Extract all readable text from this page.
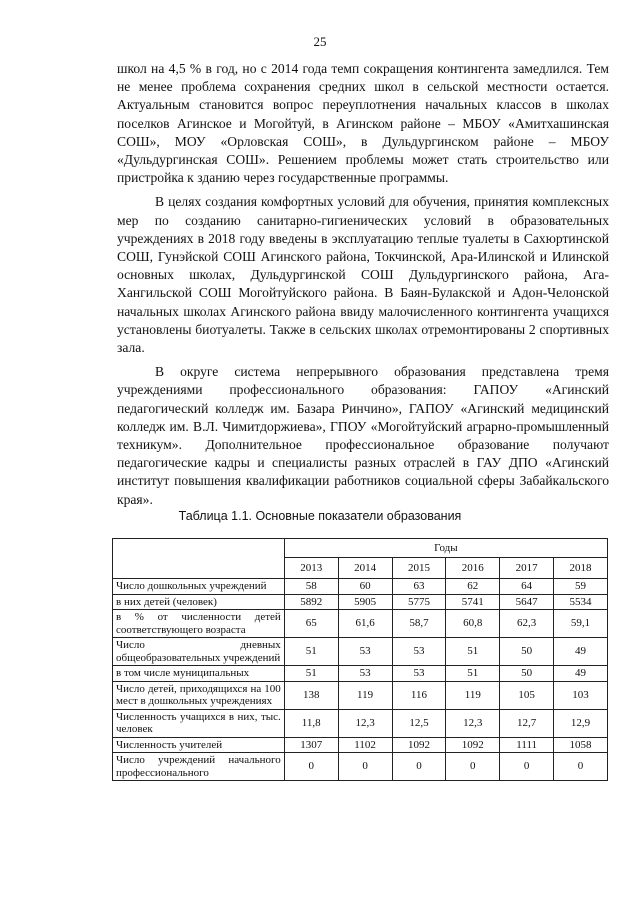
25

школ на 4,5 % в год, но с 2014 года темп сокращения контингента замедлился. Тем не менее проблема сохранения средних школ в сельской местности остается. Актуальным становится вопрос переуплотнения начальных классов в школах поселков Агинское и Могойтуй, в Агинском районе – МБОУ «Амитхашинская СОШ», МОУ «Орловская СОШ», в Дульдургинском районе – МБОУ «Дульдургинская СОШ». Решением проблемы может стать строительство или пристройка к зданию через государственные программы.

В целях создания комфортных условий для обучения, принятия комплексных мер по созданию санитарно-гигиенических условий в образовательных учреждениях в 2018 году введены в эксплуатацию теплые туалеты в Сахюртинской СОШ, Гунэйской СОШ Агинского района, Токчинской, Ара-Илинской и Илинской основных школах, Дульдургинской СОШ Дульдургинского района, Ага-Хангильской СОШ Могойтуйского района. В Баян-Булакской и Адон-Челонской начальных школах Агинского района ввиду малочисленного контингента учащихся установлены биотуалеты. Также в сельских школах отремонтированы 2 спортивных зала.

В округе система непрерывного образования представлена тремя учреждениями профессионального образования: ГАПОУ «Агинский педагогический колледж им. Базара Ринчино», ГАПОУ «Агинский медицинский колледж им. В.Л. Чимитдоржиева», ГПОУ «Могойтуйский аграрно-промышленный техникум». Дополнительное профессиональное образование получают педагогические кадры и специалисты разных отраслей в ГАУ ДПО «Агинский институт повышения квалификации работников социальной сферы Забайкальского края».

Таблица 1.1. Основные показатели образования
	Годы					
	2013	2014	2015	2016	2017	2018
Число дошкольных учреждений	58	60	63	62	64	59
в них детей (человек)	5892	5905	5775	5741	5647	5534
в % от численности детей соответствующего возраста	65	61,6	58,7	60,8	62,3	59,1
Число дневных общеобразовательных учреждений	51	53	53	51	50	49
в том числе муниципальных	51	53	53	51	50	49
Число детей, приходящихся на 100 мест в дошкольных учреждениях	138	119	116	119	105	103
Численность учащихся в них, тыс. человек	11,8	12,3	12,5	12,3	12,7	12,9
Численность учителей	1307	1102	1092	1092	1111	1058
Число учреждений начального профессионального	0	0	0	0	0	0
